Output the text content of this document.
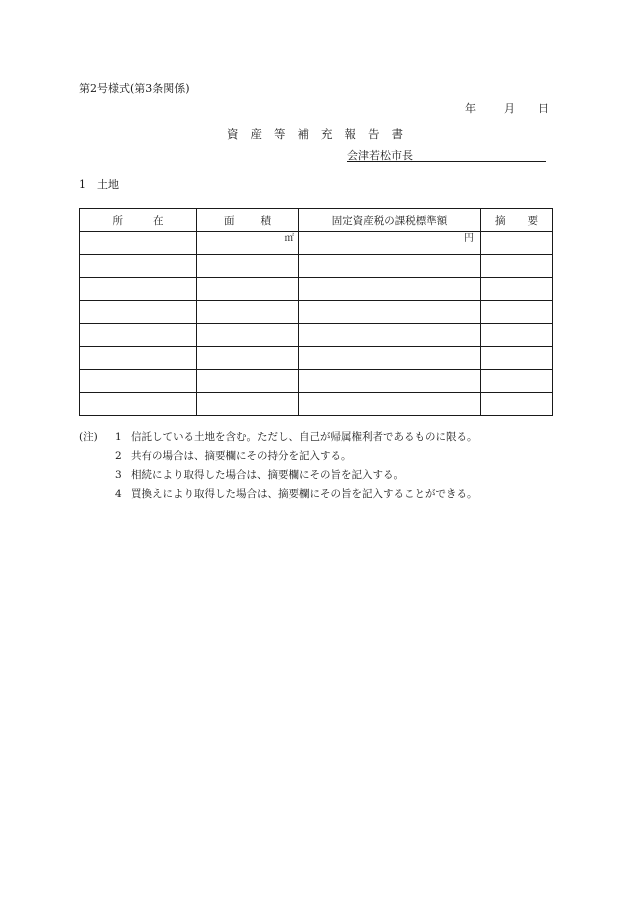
第2号様式(第3条関係)
年	月 日
資 産 等 補 充 報 告 書
会津若松市長
1 土地
所 在	面 積	固定資産税の課税標準額	摘 要
	㎡	円	

(注)	1 信託している土地を含む。ただし、自己が帰属権利者であるものに限る。
2 共有の場合は、摘要欄にその持分を記入する。
3 相続により取得した場合は、摘要欄にその旨を記入する。
4 買換えにより取得した場合は、摘要欄にその旨を記入することができる。
